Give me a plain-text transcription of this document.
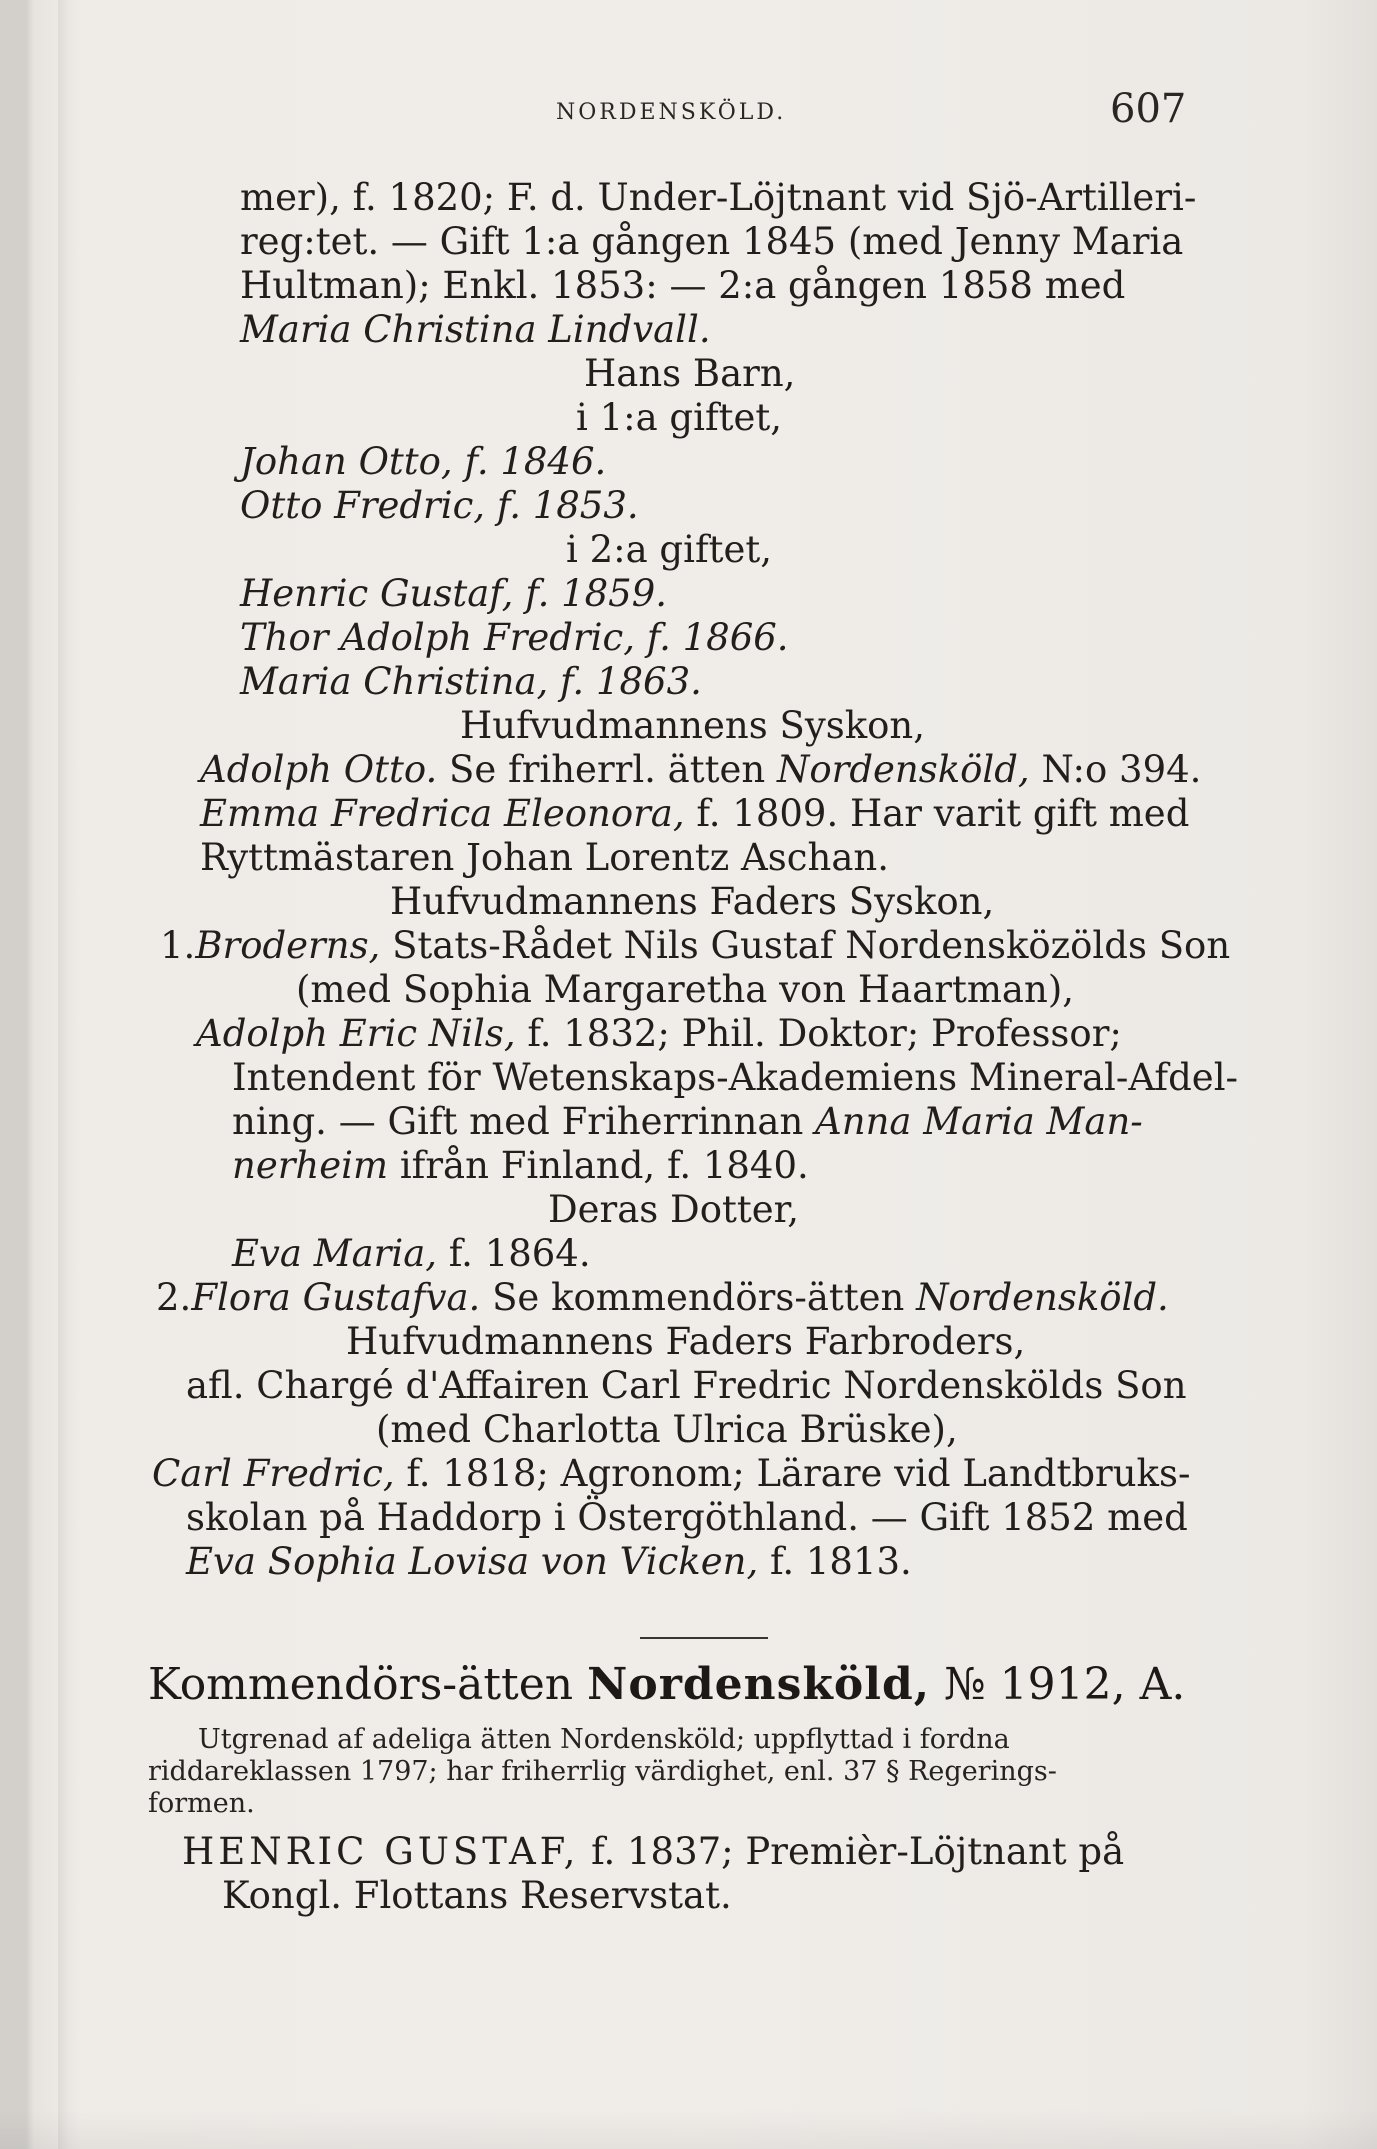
NORDENSKÖLD.	607
mer), f. 1820; F. d. Under-Löjtnant vid Sjö-Artilleri-
reg:tet. — Gift 1:a gången 1845 (med Jenny Maria
Hultman); Enkl. 1853: — 2:a gången 1858 med
Maria Christina Lindvall.
Hans Barn,
i 1:a giftet,
Johan Otto, f. 1846.
Otto Fredric, f. 1853.
i 2:a giftet,
Henric Gustaf, f. 1859.
Thor Adolph Fredric, f. 1866.
Maria Christina, f. 1863.
Hufvudmannens Syskon,
Adolph Otto. Se friherrl. ätten Nordensköld, N:o 394.
Emma Fredrica Eleonora, f. 1809. Har varit gift med
Ryttmästaren Johan Lorentz Aschan.
Hufvudmannens Faders Syskon,
1.Broderns, Stats-Rådet Nils Gustaf Nordensközölds Son
(med Sophia Margaretha von Haartman),
Adolph Eric Nils, f. 1832; Phil. Doktor; Professor;
Intendent för Wetenskaps-Akademiens Mineral-Afdel-
ning. — Gift med Friherrinnan Anna Maria Man-
nerheim ifrån Finland, f. 1840.
Deras Dotter,
Eva Maria, f. 1864.
2.Flora Gustafva. Se kommendörs-ätten Nordensköld.
Hufvudmannens Faders Farbroders,
afl. Chargé d'Affairen Carl Fredric Nordenskölds Son
(med Charlotta Ulrica Brüske),
Carl Fredric, f. 1818; Agronom; Lärare vid Landtbruks-
skolan på Haddorp i Östergöthland. — Gift 1852 med
Eva Sophia Lovisa von Vicken, f. 1813.
Kommendörs-ätten Nordensköld, № 1912, A.
Utgrenad af adeliga ätten Nordensköld; uppflyttad i fordna
riddareklassen 1797; har friherrlig värdighet, enl. 37 § Regerings-
formen.
HENRIC GUSTAF, f. 1837; Premièr-Löjtnant på
Kongl. Flottans Reservstat.
